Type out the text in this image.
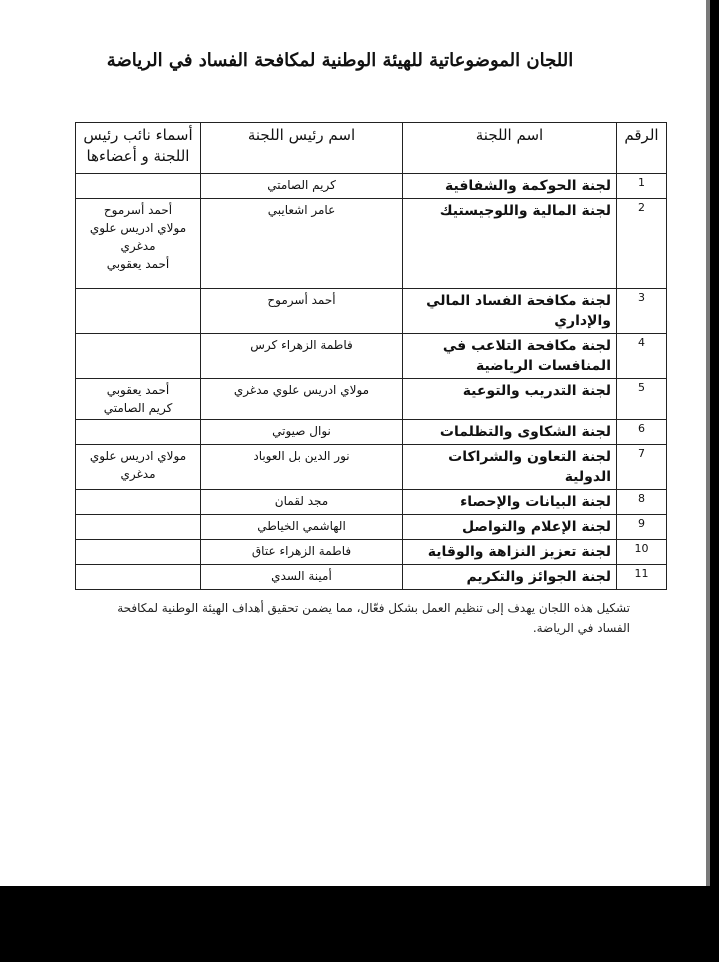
اللجان الموضوعاتية للهيئة الوطنية لمكافحة الفساد في الرياضة
الرقم	اسم اللجنة	اسم رئيس اللجنة	أسماء نائب رئيس اللجنة و أعضاءها
1	لجنة الحوكمة والشفافية	كريم الصامتي	
2	لجنة المالية واللوجيستيك	عامر اشعايبي	أحمد أسرموح
مولاي ادريس علوي مدغري
أحمد يعقوبي

3	لجنة مكافحة الفساد المالي والإداري	أحمد أسرموح	
4	لجنة مكافحة التلاعب في المنافسات الرياضية	فاطمة الزهراء كرس	
5	لجنة التدريب والتوعية	مولاي ادريس علوي مدغري	أحمد يعقوبي
كريم الصامتي

6	لجنة الشكاوى والتظلمات	نوال صيوتي	
7	لجنة التعاون والشراكات الدولية	نور الدين بل العوباد	مولاي ادريس علوي مدغري

8	لجنة البيانات والإحصاء	مجد لقمان	
9	لجنة الإعلام والتواصل	الهاشمي الخياطي	
10	لجنة تعزيز النزاهة والوقاية	فاطمة الزهراء عتاق	
11	لجنة الجوائز والتكريم	أمينة السدي	
تشكيل هذه اللجان يهدف إلى تنظيم العمل بشكل فعّال، مما يضمن تحقيق أهداف الهيئة الوطنية لمكافحة الفساد في الرياضة.
